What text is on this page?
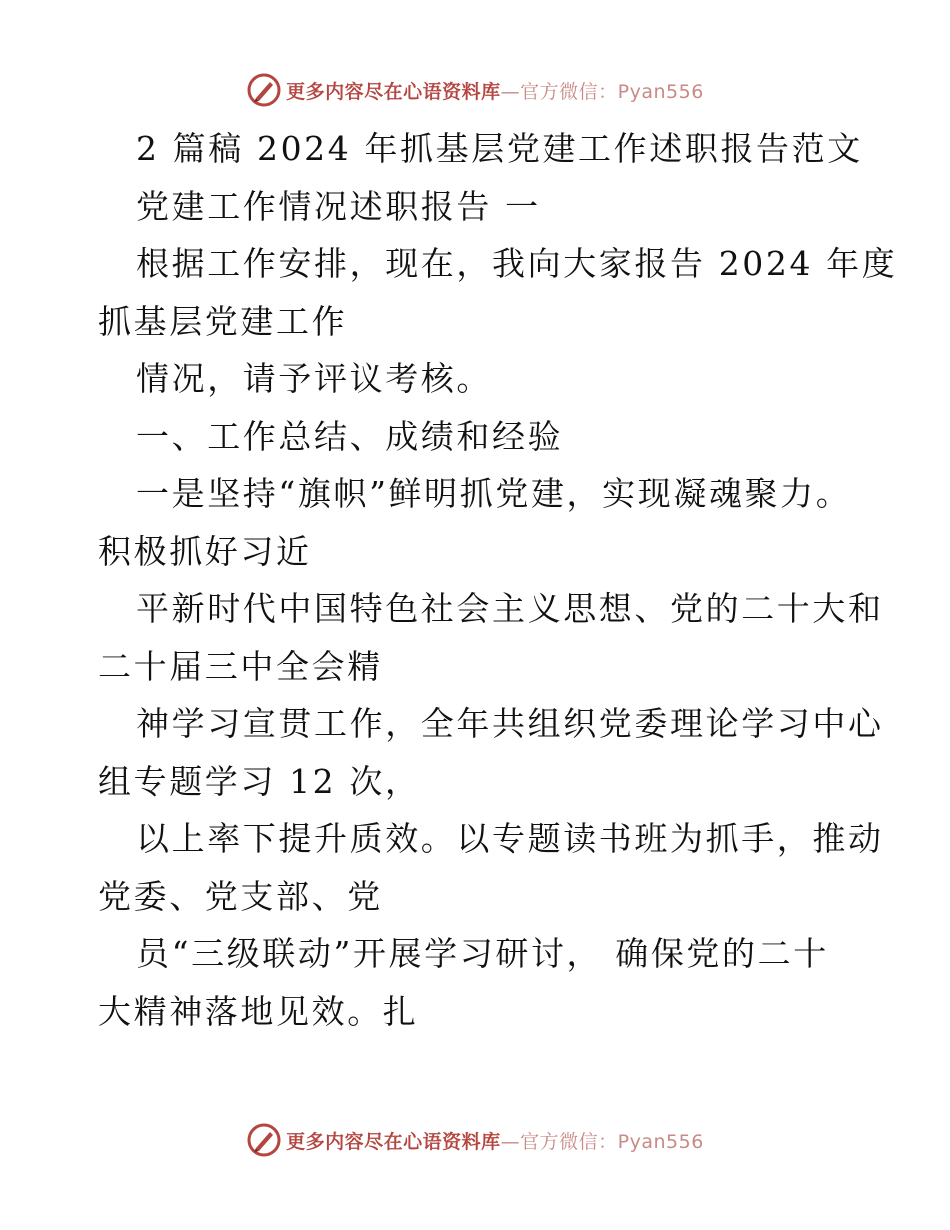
更多内容尽在心语资料库—官方微信：Pyan556
2 篇稿 2024 年抓基层党建工作述职报告范文
党建工作情况述职报告 一
根据工作安排，现在，我向大家报告 2024 年度
抓基层党建工作
情况，请予评议考核。
一、工作总结、成绩和经验
一是坚持“旗帜”鲜明抓党建，实现凝魂聚力。
积极抓好习近
平新时代中国特色社会主义思想、党的二十大和
二十届三中全会精
神学习宣贯工作，全年共组织党委理论学习中心
组专题学习 12 次，
以上率下提升质效。以专题读书班为抓手，推动
党委、党支部、党
员“三级联动”开展学习研讨， 确保党的二十
大精神落地见效。扎
更多内容尽在心语资料库—官方微信：Pyan556
